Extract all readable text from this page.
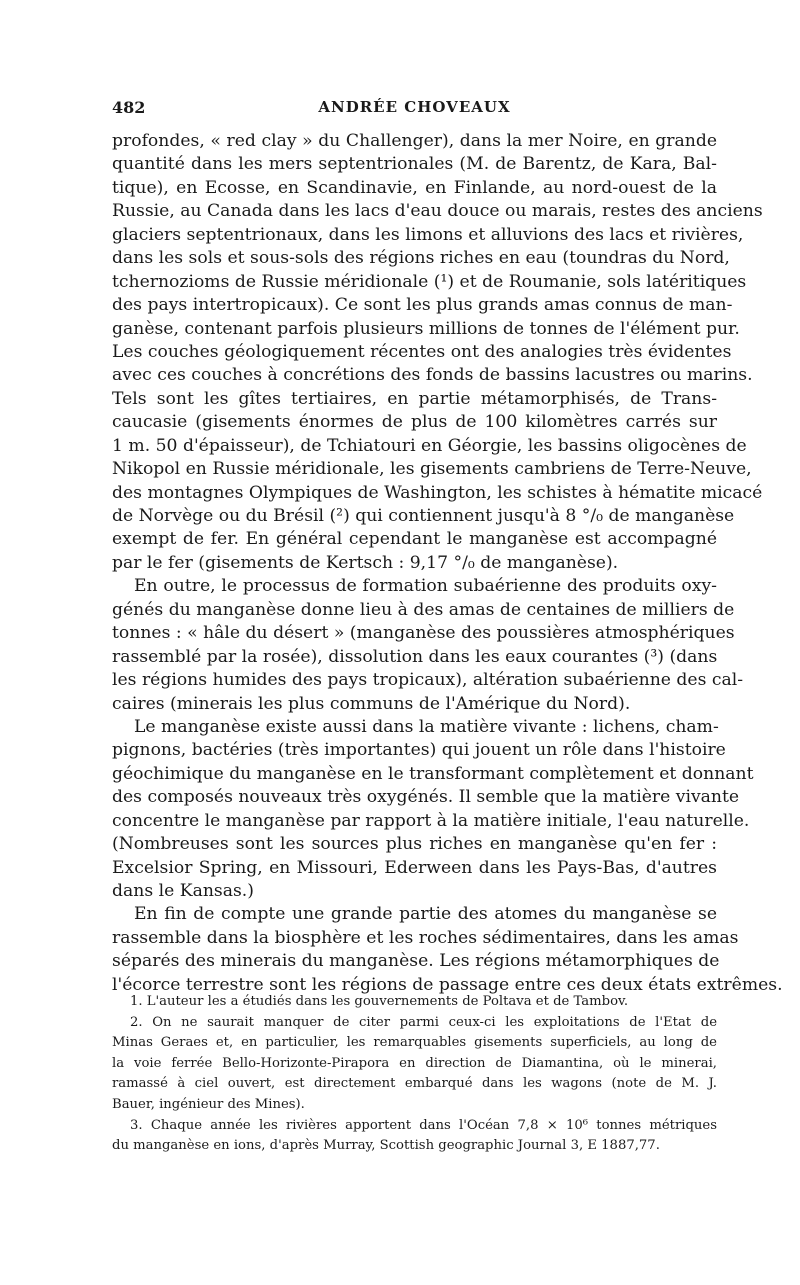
482	ANDRÉE CHOVEAUX
profondes, « red clay » du Challenger), dans la mer Noire, en grande
quantité dans les mers septentrionales (M. de Barentz, de Kara, Bal-
tique), en Ecosse, en Scandinavie, en Finlande, au nord-ouest de la
Russie, au Canada dans les lacs d'eau douce ou marais, restes des anciens
glaciers septentrionaux, dans les limons et alluvions des lacs et rivières,
dans les sols et sous-sols des régions riches en eau (toundras du Nord,
tchernozioms de Russie méridionale (¹) et de Roumanie, sols latéritiques
des pays intertropicaux). Ce sont les plus grands amas connus de man-
ganèse, contenant parfois plusieurs millions de tonnes de l'élément pur.
Les couches géologiquement récentes ont des analogies très évidentes
avec ces couches à concrétions des fonds de bassins lacustres ou marins.
Tels sont les gîtes tertiaires, en partie métamorphisés, de Trans-
caucasie (gisements énormes de plus de 100 kilomètres carrés sur
1 m. 50 d'épaisseur), de Tchiatouri en Géorgie, les bassins oligocènes de
Nikopol en Russie méridionale, les gisements cambriens de Terre-Neuve,
des montagnes Olympiques de Washington, les schistes à hématite micacé
de Norvège ou du Brésil (²) qui contiennent jusqu'à 8 °/₀ de manganèse
exempt de fer. En général cependant le manganèse est accompagné
par le fer (gisements de Kertsch : 9,17 °/₀ de manganèse).
En outre, le processus de formation subaérienne des produits oxy-
génés du manganèse donne lieu à des amas de centaines de milliers de
tonnes : « hâle du désert » (manganèse des poussières atmosphériques
rassemblé par la rosée), dissolution dans les eaux courantes (³) (dans
les régions humides des pays tropicaux), altération subaérienne des cal-
caires (minerais les plus communs de l'Amérique du Nord).
Le manganèse existe aussi dans la matière vivante : lichens, cham-
pignons, bactéries (très importantes) qui jouent un rôle dans l'histoire
géochimique du manganèse en le transformant complètement et donnant
des composés nouveaux très oxygénés. Il semble que la matière vivante
concentre le manganèse par rapport à la matière initiale, l'eau naturelle.
(Nombreuses sont les sources plus riches en manganèse qu'en fer :
Excelsior Spring, en Missouri, Ederween dans les Pays-Bas, d'autres
dans le Kansas.)
En fin de compte une grande partie des atomes du manganèse se
rassemble dans la biosphère et les roches sédimentaires, dans les amas
séparés des minerais du manganèse. Les régions métamorphiques de
l'écorce terrestre sont les régions de passage entre ces deux états extrêmes.
1. L'auteur les a étudiés dans les gouvernements de Poltava et de Tambov.
2. On ne saurait manquer de citer parmi ceux-ci les exploitations de l'Etat de
Minas Geraes et, en particulier, les remarquables gisements superficiels, au long de
la voie ferrée Bello-Horizonte-Pirapora en direction de Diamantina, où le minerai,
ramassé à ciel ouvert, est directement embarqué dans les wagons (note de M. J.
Bauer, ingénieur des Mines).
3. Chaque année les rivières apportent dans l'Océan 7,8 × 10⁶ tonnes métriques
du manganèse en ions, d'après Murray, Scottish geographic Journal 3, E 1887,77.
